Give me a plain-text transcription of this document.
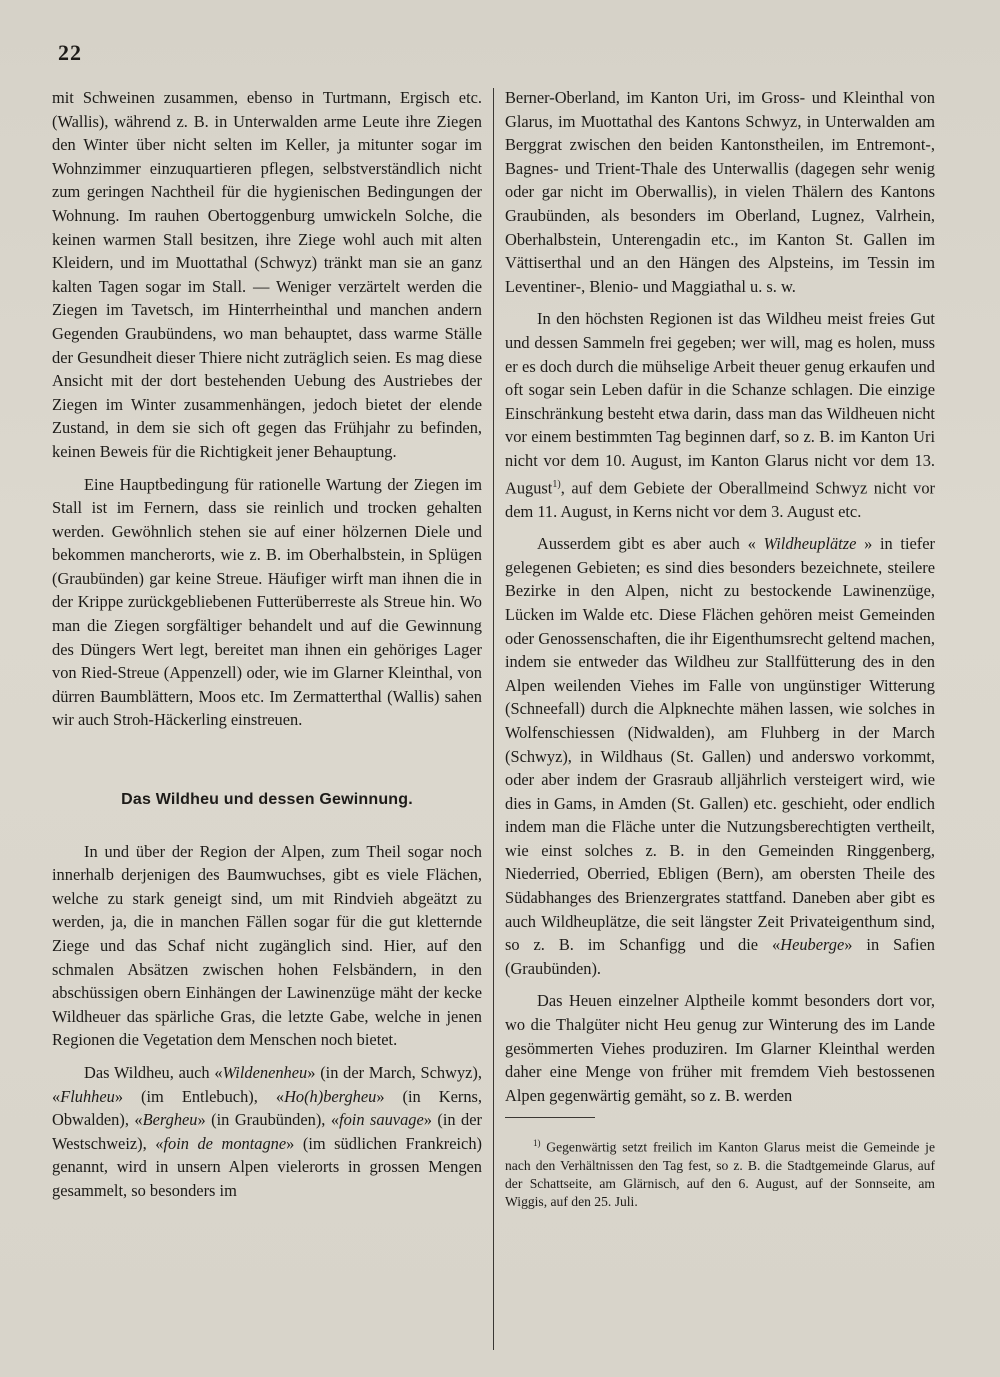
22

mit Schweinen zusammen, ebenso in Turtmann, Ergisch etc. (Wallis), während z. B. in Unterwalden arme Leute ihre Ziegen den Winter über nicht selten im Keller, ja mitunter sogar im Wohnzimmer einzuquartieren pflegen, selbstverständlich nicht zum geringen Nachtheil für die hygienischen Bedingungen der Wohnung. Im rauhen Obertoggenburg umwickeln Solche, die keinen warmen Stall besitzen, ihre Ziege wohl auch mit alten Kleidern, und im Muottathal (Schwyz) tränkt man sie an ganz kalten Tagen sogar im Stall. — Weniger verzärtelt werden die Ziegen im Tavetsch, im Hinterrheinthal und manchen andern Gegenden Graubündens, wo man behauptet, dass warme Ställe der Gesundheit dieser Thiere nicht zuträglich seien. Es mag diese Ansicht mit der dort bestehenden Uebung des Austriebes der Ziegen im Winter zusammenhängen, jedoch bietet der elende Zustand, in dem sie sich oft gegen das Frühjahr zu befinden, keinen Beweis für die Richtigkeit jener Behauptung.

Eine Hauptbedingung für rationelle Wartung der Ziegen im Stall ist im Fernern, dass sie reinlich und trocken gehalten werden. Gewöhnlich stehen sie auf einer hölzernen Diele und bekommen mancherorts, wie z. B. im Oberhalbstein, in Splügen (Graubünden) gar keine Streue. Häufiger wirft man ihnen die in der Krippe zurückgebliebenen Futterüberreste als Streue hin. Wo man die Ziegen sorgfältiger behandelt und auf die Gewinnung des Düngers Wert legt, bereitet man ihnen ein gehöriges Lager von Ried-Streue (Appenzell) oder, wie im Glarner Kleinthal, von dürren Baumblättern, Moos etc. Im Zermatterthal (Wallis) sahen wir auch Stroh-Häckerling einstreuen.

Das Wildheu und dessen Gewinnung.

In und über der Region der Alpen, zum Theil sogar noch innerhalb derjenigen des Baumwuchses, gibt es viele Flächen, welche zu stark geneigt sind, um mit Rindvieh abgeätzt zu werden, ja, die in manchen Fällen sogar für die gut kletternde Ziege und das Schaf nicht zugänglich sind. Hier, auf den schmalen Absätzen zwischen hohen Felsbändern, in den abschüssigen obern Einhängen der Lawinenzüge mäht der kecke Wildheuer das spärliche Gras, die letzte Gabe, welche in jenen Regionen die Vegetation dem Menschen noch bietet.

Das Wildheu, auch «Wildenenheu» (in der March, Schwyz), «Fluhheu» (im Entlebuch), «Ho(h)bergheu» (in Kerns, Obwalden), «Bergheu» (in Graubünden), «foin sauvage» (in der Westschweiz), «foin de montagne» (im südlichen Frankreich) genannt, wird in unsern Alpen vielerorts in grossen Mengen gesammelt, so besonders im

Berner-Oberland, im Kanton Uri, im Gross- und Kleinthal von Glarus, im Muottathal des Kantons Schwyz, in Unterwalden am Berggrat zwischen den beiden Kantonstheilen, im Entremont-, Bagnes- und Trient-Thale des Unterwallis (dagegen sehr wenig oder gar nicht im Oberwallis), in vielen Thälern des Kantons Graubünden, als besonders im Oberland, Lugnez, Valrhein, Oberhalbstein, Unterengadin etc., im Kanton St. Gallen im Vättiserthal und an den Hängen des Alpsteins, im Tessin im Leventiner-, Blenio- und Maggiathal u. s. w.

In den höchsten Regionen ist das Wildheu meist freies Gut und dessen Sammeln frei gegeben; wer will, mag es holen, muss er es doch durch die mühselige Arbeit theuer genug erkaufen und oft sogar sein Leben dafür in die Schanze schlagen. Die einzige Einschränkung besteht etwa darin, dass man das Wildheuen nicht vor einem bestimmten Tag beginnen darf, so z. B. im Kanton Uri nicht vor dem 10. August, im Kanton Glarus nicht vor dem 13. August$^{1)}$, auf dem Gebiete der Oberallmeind Schwyz nicht vor dem 11. August, in Kerns nicht vor dem 3. August etc.

Ausserdem gibt es aber auch « Wildheuplätze » in tiefer gelegenen Gebieten; es sind dies besonders bezeichnete, steilere Bezirke in den Alpen, nicht zu bestockende Lawinenzüge, Lücken im Walde etc. Diese Flächen gehören meist Gemeinden oder Genossenschaften, die ihr Eigenthumsrecht geltend machen, indem sie entweder das Wildheu zur Stallfütterung des in den Alpen weilenden Viehes im Falle von ungünstiger Witterung (Schneefall) durch die Alpknechte mähen lassen, wie solches in Wolfenschiessen (Nidwalden), am Fluhberg in der March (Schwyz), in Wildhaus (St. Gallen) und anderswo vorkommt, oder aber indem der Grasraub alljährlich versteigert wird, wie dies in Gams, in Amden (St. Gallen) etc. geschieht, oder endlich indem man die Fläche unter die Nutzungsberechtigten vertheilt, wie einst solches z. B. in den Gemeinden Ringgenberg, Niederried, Oberried, Ebligen (Bern), am obersten Theile des Südabhanges des Brienzergrates stattfand. Daneben aber gibt es auch Wildheuplätze, die seit längster Zeit Privateigenthum sind, so z. B. im Schanfigg und die «Heuberge» in Safien (Graubünden).

Das Heuen einzelner Alptheile kommt besonders dort vor, wo die Thalgüter nicht Heu genug zur Winterung des im Lande gesömmerten Viehes produziren. Im Glarner Kleinthal werden daher eine Menge von früher mit fremdem Vieh bestossenen Alpen gegenwärtig gemäht, so z. B. werden

$^{1)}$ Gegenwärtig setzt freilich im Kanton Glarus meist die Gemeinde je nach den Verhältnissen den Tag fest, so z. B. die Stadtgemeinde Glarus, auf der Schattseite, am Glärnisch, auf den 6. August, auf der Sonnseite, am Wiggis, auf den 25. Juli.
